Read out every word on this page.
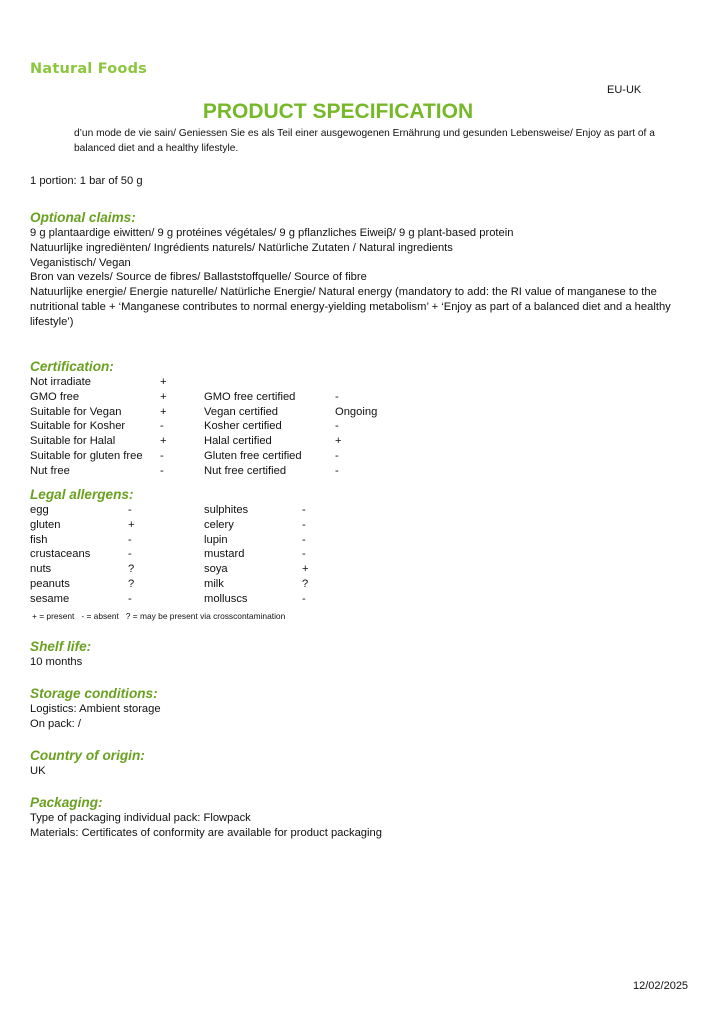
Natural Foods
EU-UK
PRODUCT SPECIFICATION
d’un mode de vie sain/ Geniessen Sie es als Teil einer ausgewogenen Ernährung und gesunden Lebensweise/ Enjoy as part of a balanced diet and a healthy lifestyle.
1 portion: 1 bar of 50 g
Optional claims:
9 g plantaardige eiwitten/ 9 g protéines végétales/ 9 g pflanzliches Eiweiβ/ 9 g plant-based protein
Natuurlijke ingrediënten/ Ingrédients naturels/ Natürliche Zutaten / Natural ingredients
Veganistisch/ Vegan
Bron van vezels/ Source de fibres/ Ballaststoffquelle/ Source of fibre
Natuurlijke energie/ Energie naturelle/ Natürliche Energie/ Natural energy (mandatory to add: the RI value of manganese to the nutritional table + ‘Manganese contributes to normal energy-yielding metabolism’ + ‘Enjoy as part of a balanced diet and a healthy lifestyle’)
Certification:
Not irradiate	+
GMO free	+	GMO free certified	-
Suitable for Vegan	+	Vegan certified	Ongoing
Suitable for Kosher	-	Kosher certified	-
Suitable for Halal	+	Halal certified	+
Suitable for gluten free -	Gluten free certified	-
Nut free	-	Nut free certified	-
Legal allergens:
egg	-	sulphites	-
gluten	+	celery	-
fish	-	lupin	-
crustaceans	-	mustard	-
nuts	?	soya	+
peanuts	?	milk	?
sesame	-	molluscs	-
+ = present   - = absent   ? = may be present via crosscontamination
Shelf life:
10 months
Storage conditions:
Logistics: Ambient storage
On pack: /
Country of origin:
UK
Packaging:
Type of packaging individual pack: Flowpack
Materials: Certificates of conformity are available for product packaging
12/02/2025
